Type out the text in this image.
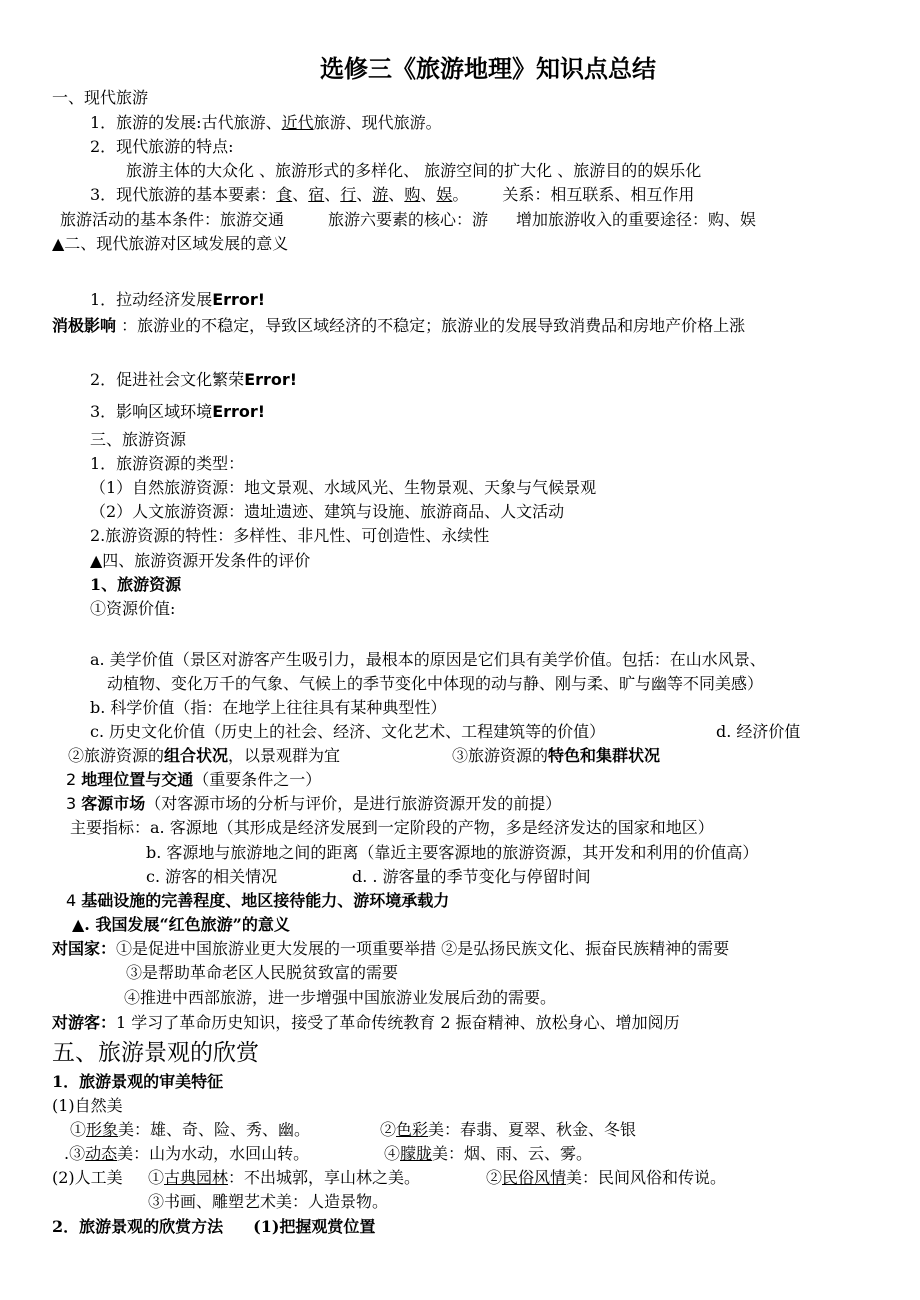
选修三《旅游地理》知识点总结
一、现代旅游
1．旅游的发展:古代旅游、近代旅游、现代旅游。
2．现代旅游的特点:
旅游主体的大众化 、旅游形式的多样化、 旅游空间的扩大化 、旅游目的的娱乐化
3．现代旅游的基本要素：食、宿、行、游、购、娱。 关系：相互联系、相互作用
旅游活动的基本条件：旅游交通	旅游六要素的核心：游 增加旅游收入的重要途径：购、娱
▲二、现代旅游对区域发展的意义
1．拉动经济发展Error!
消极影响 ：旅游业的不稳定，导致区域经济的不稳定；旅游业的发展导致消费品和房地产价格上涨
2．促进社会文化繁荣Error!
3．影响区域环境Error!
三、旅游资源
1．旅游资源的类型：
（1）自然旅游资源：地文景观、水域风光、生物景观、天象与气候景观
（2）人文旅游资源：遗址遗迹、建筑与设施、旅游商品、人文活动
2.旅游资源的特性：多样性、非凡性、可创造性、永续性
▲四、旅游资源开发条件的评价
1、旅游资源
①资源价值:
a. 美学价值（景区对游客产生吸引力，最根本的原因是它们具有美学价值。包括：在山水风景、
动植物、变化万千的气象、气候上的季节变化中体现的动与静、刚与柔、旷与幽等不同美感）
b. 科学价值（指：在地学上往往具有某种典型性）
c. 历史文化价值（历史上的社会、经济、文化艺术、工程建筑等的价值）	d. 经济价值
②旅游资源的组合状况，以景观群为宜	③旅游资源的特色和集群状况
2 地理位置与交通（重要条件之一）
3 客源市场（对客源市场的分析与评价，是进行旅游资源开发的前提）
主要指标：a. 客源地（其形成是经济发展到一定阶段的产物，多是经济发达的国家和地区）
b. 客源地与旅游地之间的距离（靠近主要客源地的旅游资源，其开发和利用的价值高）
c. 游客的相关情况	d. . 游客量的季节变化与停留时间
4 基础设施的完善程度、地区接待能力、游环境承载力
▲. 我国发展“红色旅游”的意义
对国家：①是促进中国旅游业更大发展的一项重要举措 ②是弘扬民族文化、振奋民族精神的需要
③是帮助革命老区人民脱贫致富的需要
④推进中西部旅游，进一步增强中国旅游业发展后劲的需要。
对游客：1 学习了革命历史知识，接受了革命传统教育 2 振奋精神、放松身心、增加阅历
五、旅游景观的欣赏
1．旅游景观的审美特征
(1)自然美
①形象美：雄、奇、险、秀、幽。	②色彩美：春翡、夏翠、秋金、冬银
.③动态美：山为水动，水回山转。	④朦胧美：烟、雨、云、雾。
(2)人工美 ①古典园林：不出城郭，享山林之美。	②民俗风情美：民间风俗和传说。
③书画、雕塑艺术美：人造景物。
2．旅游景观的欣赏方法 (1)把握观赏位置
